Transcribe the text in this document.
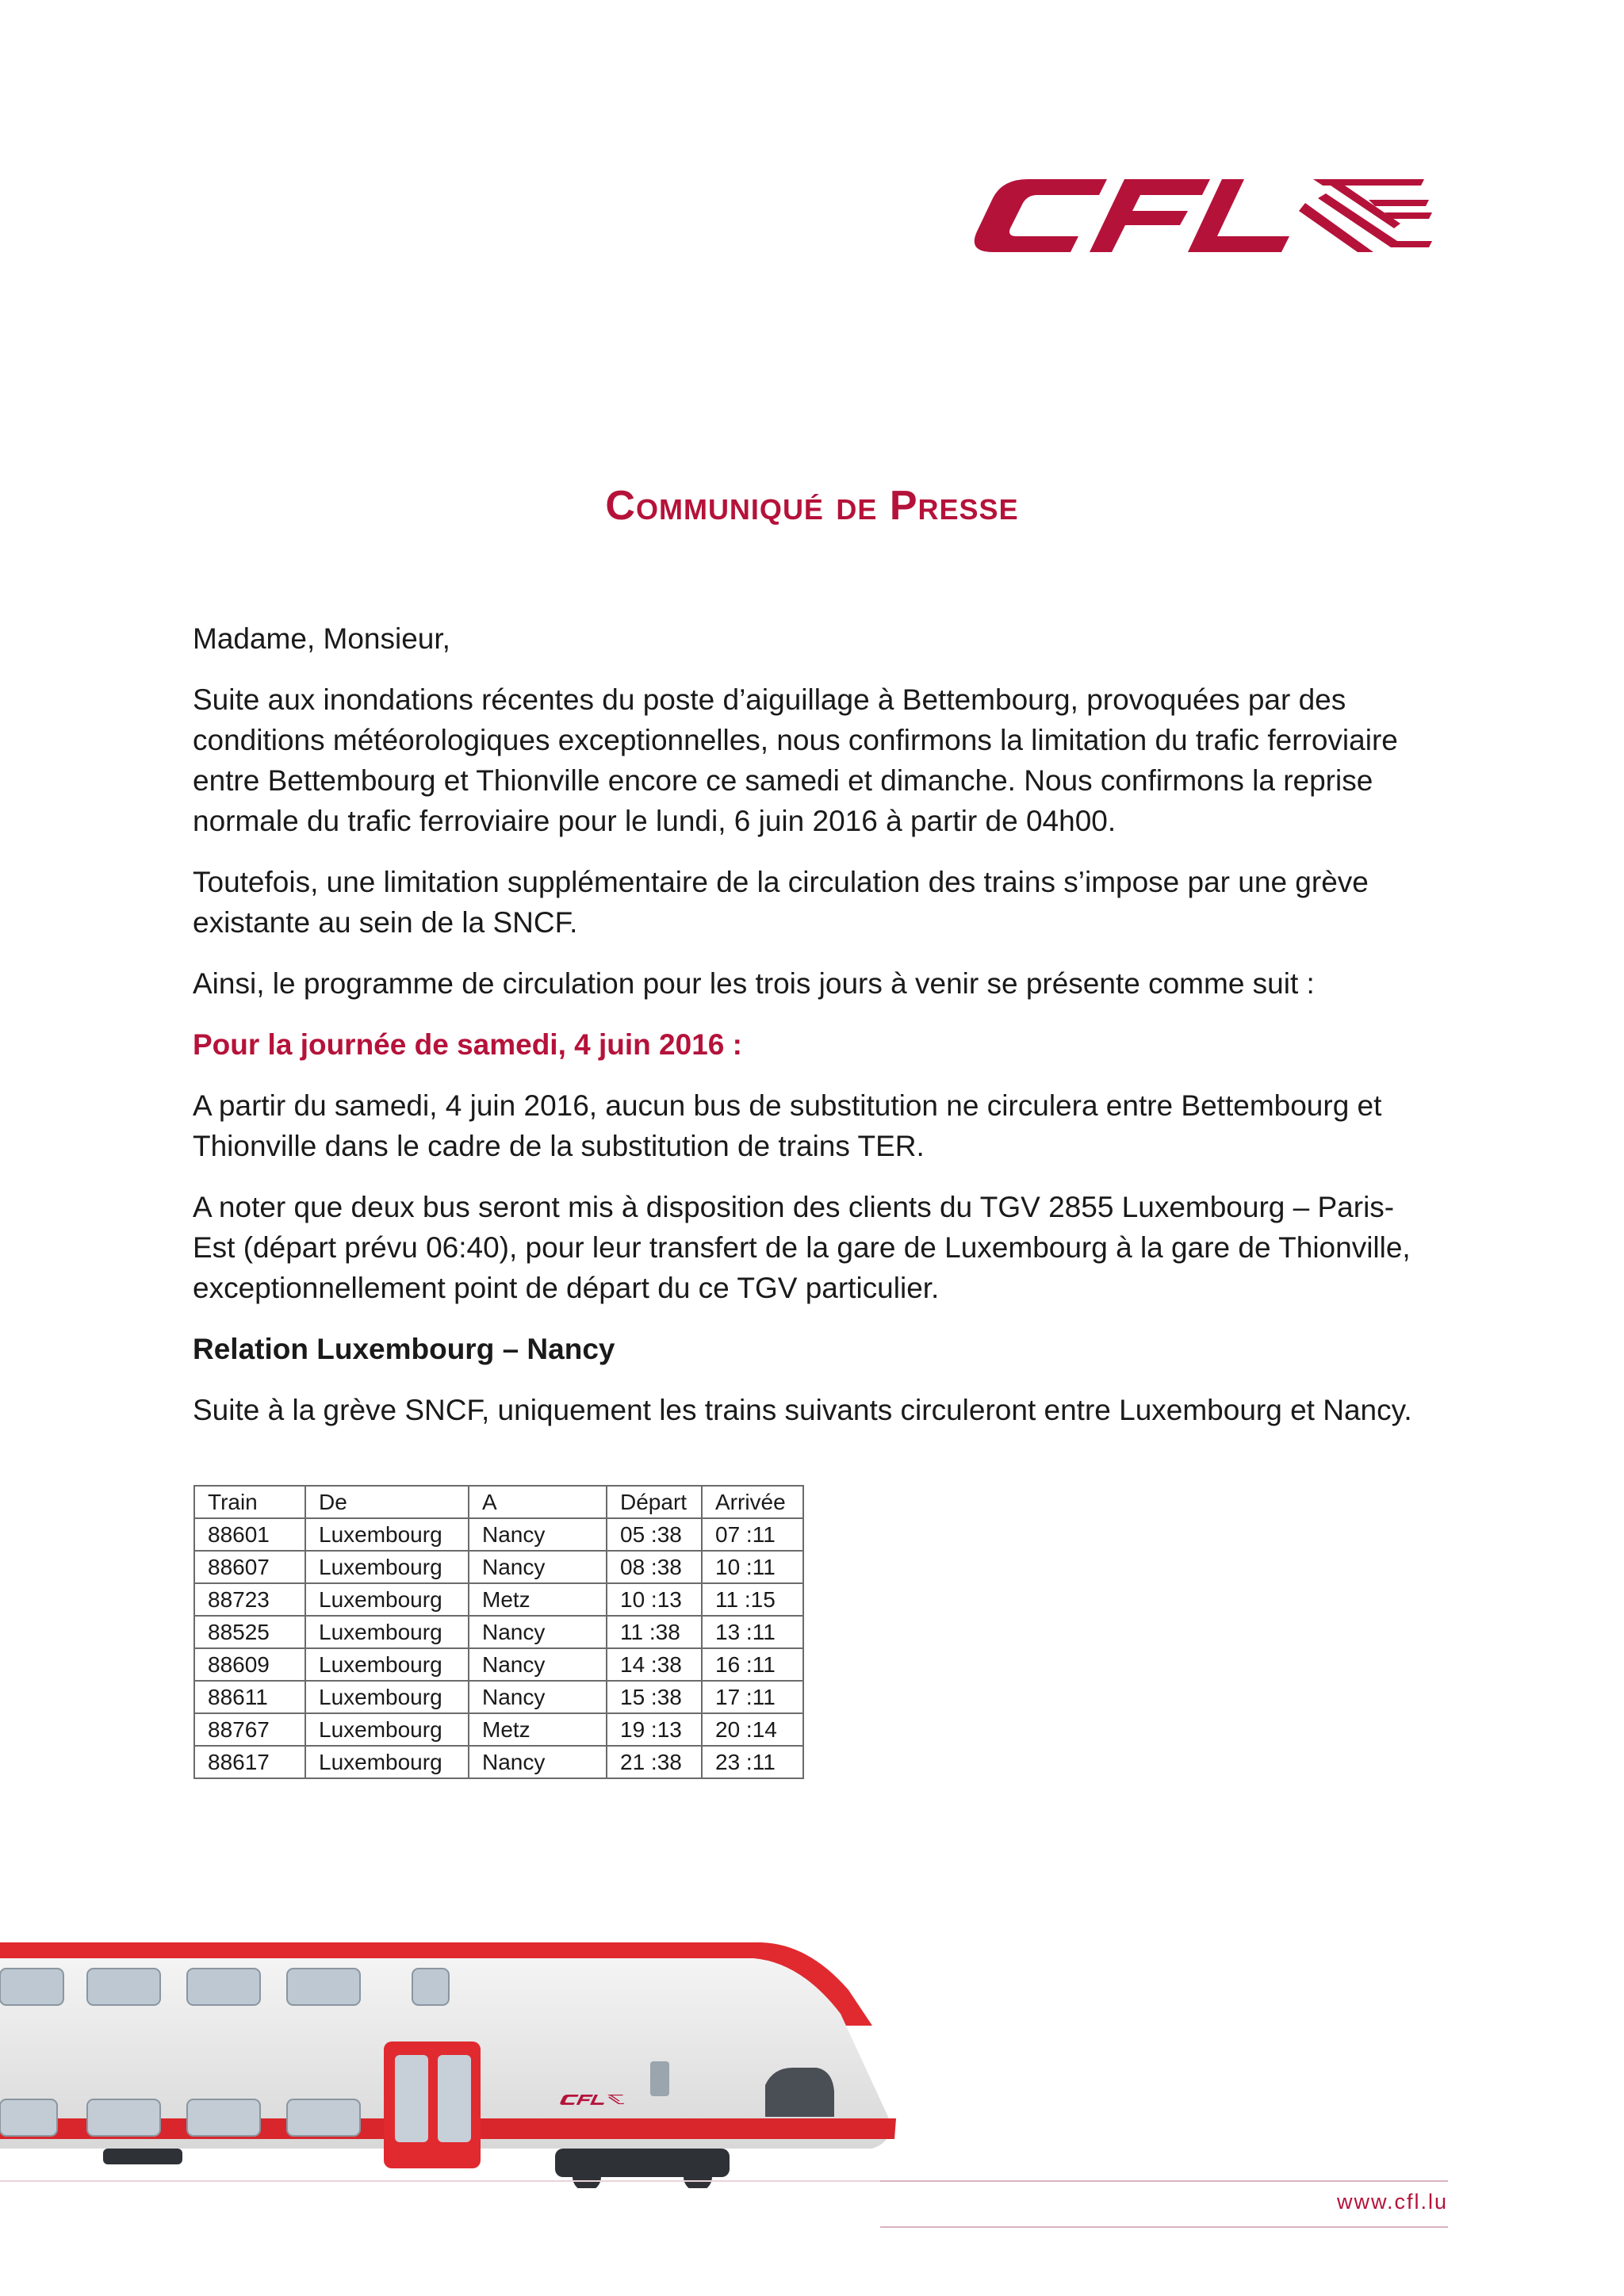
Communiqué de Presse

Madame, Monsieur,

Suite aux inondations récentes du poste d’aiguillage à Bettembourg, provoquées par des conditions météorologiques exceptionnelles, nous confirmons la limitation du trafic ferroviaire entre Bettembourg et Thionville encore ce samedi et dimanche. Nous confirmons la reprise normale du trafic ferroviaire pour le lundi, 6 juin 2016 à partir de 04h00.

Toutefois, une limitation supplémentaire de la circulation des trains s’impose par une grève existante au sein de la SNCF.

Ainsi, le programme de circulation pour les trois jours à venir se présente comme suit :

Pour la journée de samedi, 4 juin 2016 :

A partir du samedi, 4 juin 2016, aucun bus de substitution ne circulera entre Bettembourg et Thionville dans le cadre de la substitution de trains TER.

A noter que deux bus seront mis à disposition des clients du TGV 2855 Luxembourg – Paris-Est (départ prévu 06:40), pour leur transfert de la gare de Luxembourg à la gare de Thionville, exceptionnellement point de départ du ce TGV particulier.

Relation Luxembourg – Nancy

Suite à la grève SNCF, uniquement les trains suivants circuleront entre Luxembourg et Nancy.

Train	De	A	Départ	Arrivée
88601	Luxembourg	Nancy	05 :38	07 :11
88607	Luxembourg	Nancy	08 :38	10 :11
88723	Luxembourg	Metz	10 :13	11 :15
88525	Luxembourg	Nancy	11 :38	13 :11
88609	Luxembourg	Nancy	14 :38	16 :11
88611	Luxembourg	Nancy	15 :38	17 :11
88767	Luxembourg	Metz	19 :13	20 :14
88617	Luxembourg	Nancy	21 :38	23 :11
www.cfl.lu
